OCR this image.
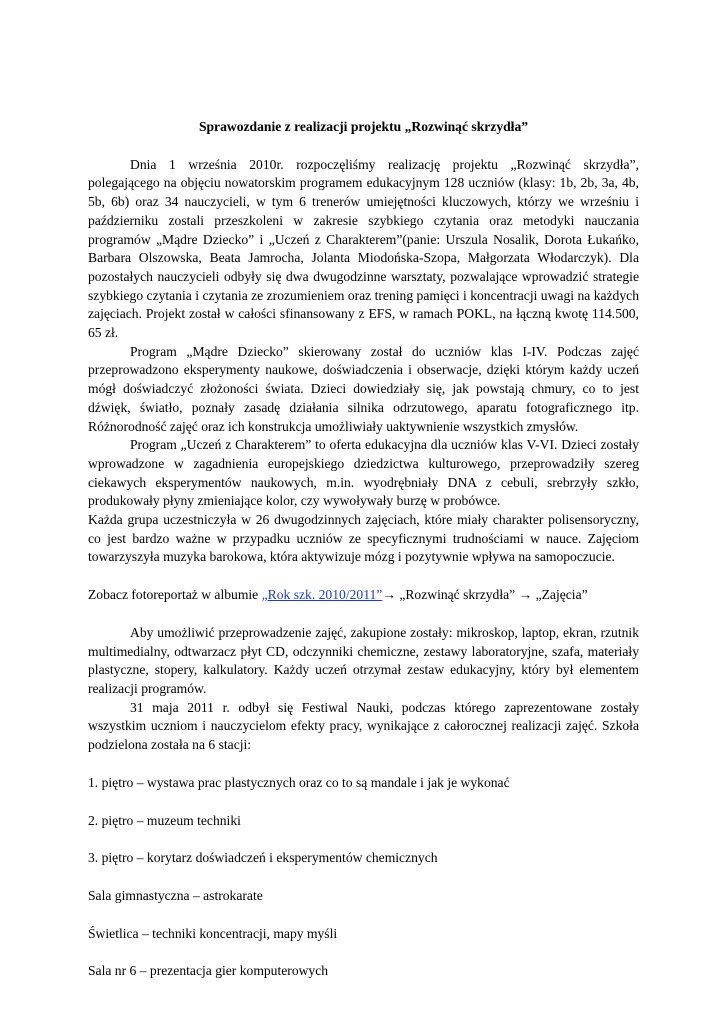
Sprawozdanie z realizacji projektu „Rozwinąć skrzydła”

Dnia 1 września 2010r. rozpoczęliśmy realizację projektu „Rozwinąć skrzydła”, polegającego na objęciu nowatorskim programem edukacyjnym 128 uczniów (klasy: 1b, 2b, 3a, 4b, 5b, 6b) oraz 34 nauczycieli, w tym 6 trenerów umiejętności kluczowych, którzy we wrześniu i październiku zostali przeszkoleni w zakresie szybkiego czytania oraz metodyki nauczania programów „Mądre Dziecko” i „Uczeń z Charakterem”(panie: Urszula Nosalik, Dorota Łukańko, Barbara Olszowska, Beata Jamrocha, Jolanta Miodońska-Szopa, Małgorzata Włodarczyk). Dla pozostałych nauczycieli odbyły się dwa dwugodzinne warsztaty, pozwalające wprowadzić strategie szybkiego czytania i czytania ze zrozumieniem oraz trening pamięci i koncentracji uwagi na każdych zajęciach. Projekt został w całości sfinansowany z EFS, w ramach POKL, na łączną kwotę 114.500, 65 zł.

Program „Mądre Dziecko” skierowany został do uczniów klas I-IV. Podczas zajęć przeprowadzono eksperymenty naukowe, doświadczenia i obserwacje, dzięki którym każdy uczeń mógł doświadczyć złożoności świata. Dzieci dowiedziały się, jak powstają chmury, co to jest dźwięk, światło, poznały zasadę działania silnika odrzutowego, aparatu fotograficznego itp. Różnorodność zajęć oraz ich konstrukcja umożliwiały uaktywnienie wszystkich zmysłów.

Program „Uczeń z Charakterem” to oferta edukacyjna dla uczniów klas V-VI. Dzieci zostały wprowadzone w zagadnienia europejskiego dziedzictwa kulturowego, przeprowadziły szereg ciekawych eksperymentów naukowych, m.in. wyodrębniały DNA z cebuli, srebrzyły szkło, produkowały płyny zmieniające kolor, czy wywoływały burzę w probówce.

Każda grupa uczestniczyła w 26 dwugodzinnych zajęciach, które miały charakter polisensoryczny, co jest bardzo ważne w przypadku uczniów ze specyficznymi trudnościami w nauce. Zajęciom towarzyszyła muzyka barokowa, która aktywizuje mózg i pozytywnie wpływa na samopoczucie.

Zobacz fotoreportaż w albumie „Rok szk. 2010/2011”→ „Rozwinąć skrzydła” → „Zajęcia”

Aby umożliwić przeprowadzenie zajęć, zakupione zostały: mikroskop, laptop, ekran, rzutnik multimedialny, odtwarzacz płyt CD, odczynniki chemiczne, zestawy laboratoryjne, szafa, materiały plastyczne, stopery, kalkulatory. Każdy uczeń otrzymał zestaw edukacyjny, który był elementem realizacji programów.

31 maja 2011 r. odbył się Festiwal Nauki, podczas którego zaprezentowane zostały wszystkim uczniom i nauczycielom efekty pracy, wynikające z całorocznej realizacji zajęć. Szkoła podzielona została na 6 stacji:

1. piętro – wystawa prac plastycznych oraz co to są mandale i jak je wykonać

2. piętro – muzeum techniki

3. piętro – korytarz doświadczeń i eksperymentów chemicznych

Sala gimnastyczna – astrokarate

Świetlica – techniki koncentracji, mapy myśli

Sala nr 6 – prezentacja gier komputerowych
